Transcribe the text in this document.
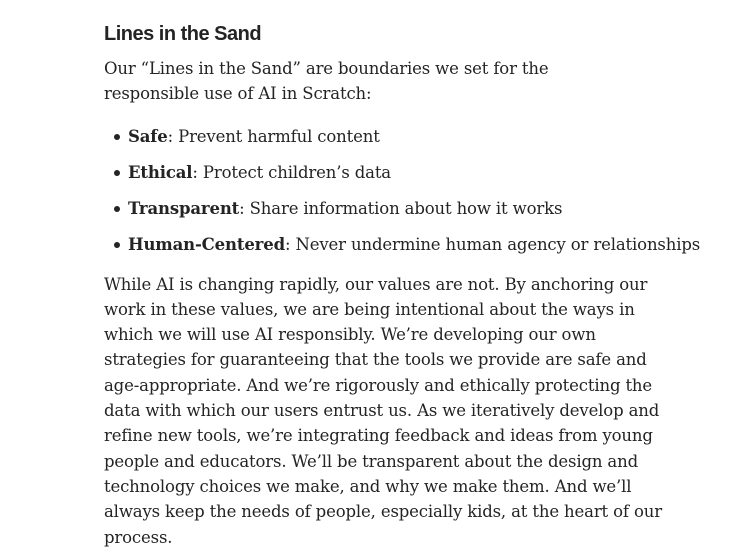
Lines in the Sand

Our “Lines in the Sand” are boundaries we set for the responsible use of AI in Scratch:

Safe: Prevent harmful content
Ethical: Protect children’s data
Transparent: Share information about how it works
Human-Centered: Never undermine human agency or relationships

While AI is changing rapidly, our values are not. By anchoring our work in these values, we are being intentional about the ways in which we will use AI responsibly. We’re developing our own strategies for guaranteeing that the tools we provide are safe and age-appropriate. And we’re rigorously and ethically protecting the data with which our users entrust us. As we iteratively develop and refine new tools, we’re integrating feedback and ideas from young people and educators. We’ll be transparent about the design and technology choices we make, and why we make them. And we’ll always keep the needs of people, especially kids, at the heart of our process.
